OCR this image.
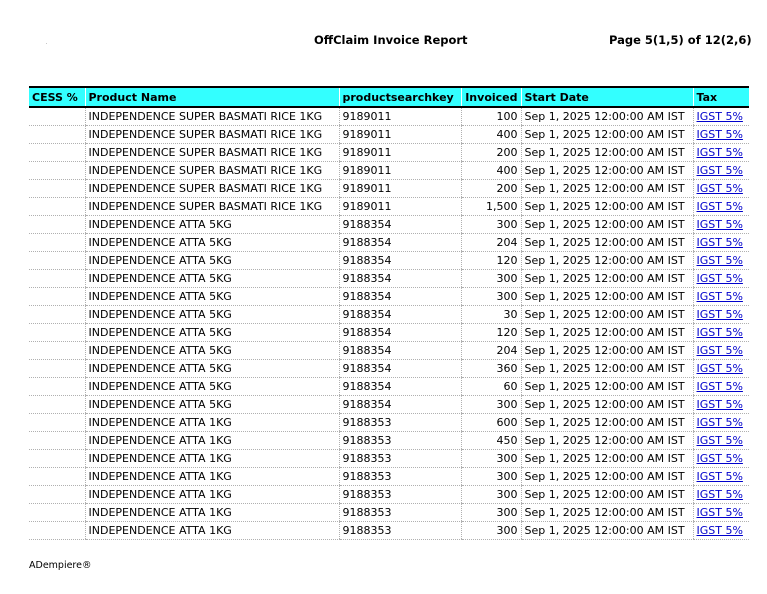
OffClaim Invoice Report	Page 5(1,5) of 12(2,6)
CESS %	Product Name	productsearchkey	Invoiced	Start Date	Tax
	INDEPENDENCE SUPER BASMATI RICE 1KG	9189011	100	Sep 1, 2025 12:00:00 AM IST	IGST 5%
	INDEPENDENCE SUPER BASMATI RICE 1KG	9189011	400	Sep 1, 2025 12:00:00 AM IST	IGST 5%
	INDEPENDENCE SUPER BASMATI RICE 1KG	9189011	200	Sep 1, 2025 12:00:00 AM IST	IGST 5%
	INDEPENDENCE SUPER BASMATI RICE 1KG	9189011	400	Sep 1, 2025 12:00:00 AM IST	IGST 5%
	INDEPENDENCE SUPER BASMATI RICE 1KG	9189011	200	Sep 1, 2025 12:00:00 AM IST	IGST 5%
	INDEPENDENCE SUPER BASMATI RICE 1KG	9189011	1,500	Sep 1, 2025 12:00:00 AM IST	IGST 5%
	INDEPENDENCE ATTA 5KG	9188354	300	Sep 1, 2025 12:00:00 AM IST	IGST 5%
	INDEPENDENCE ATTA 5KG	9188354	204	Sep 1, 2025 12:00:00 AM IST	IGST 5%
	INDEPENDENCE ATTA 5KG	9188354	120	Sep 1, 2025 12:00:00 AM IST	IGST 5%
	INDEPENDENCE ATTA 5KG	9188354	300	Sep 1, 2025 12:00:00 AM IST	IGST 5%
	INDEPENDENCE ATTA 5KG	9188354	300	Sep 1, 2025 12:00:00 AM IST	IGST 5%
	INDEPENDENCE ATTA 5KG	9188354	30	Sep 1, 2025 12:00:00 AM IST	IGST 5%
	INDEPENDENCE ATTA 5KG	9188354	120	Sep 1, 2025 12:00:00 AM IST	IGST 5%
	INDEPENDENCE ATTA 5KG	9188354	204	Sep 1, 2025 12:00:00 AM IST	IGST 5%
	INDEPENDENCE ATTA 5KG	9188354	360	Sep 1, 2025 12:00:00 AM IST	IGST 5%
	INDEPENDENCE ATTA 5KG	9188354	60	Sep 1, 2025 12:00:00 AM IST	IGST 5%
	INDEPENDENCE ATTA 5KG	9188354	300	Sep 1, 2025 12:00:00 AM IST	IGST 5%
	INDEPENDENCE ATTA 1KG	9188353	600	Sep 1, 2025 12:00:00 AM IST	IGST 5%
	INDEPENDENCE ATTA 1KG	9188353	450	Sep 1, 2025 12:00:00 AM IST	IGST 5%
	INDEPENDENCE ATTA 1KG	9188353	300	Sep 1, 2025 12:00:00 AM IST	IGST 5%
	INDEPENDENCE ATTA 1KG	9188353	300	Sep 1, 2025 12:00:00 AM IST	IGST 5%
	INDEPENDENCE ATTA 1KG	9188353	300	Sep 1, 2025 12:00:00 AM IST	IGST 5%
	INDEPENDENCE ATTA 1KG	9188353	300	Sep 1, 2025 12:00:00 AM IST	IGST 5%
	INDEPENDENCE ATTA 1KG	9188353	300	Sep 1, 2025 12:00:00 AM IST	IGST 5%
ADempiere®
